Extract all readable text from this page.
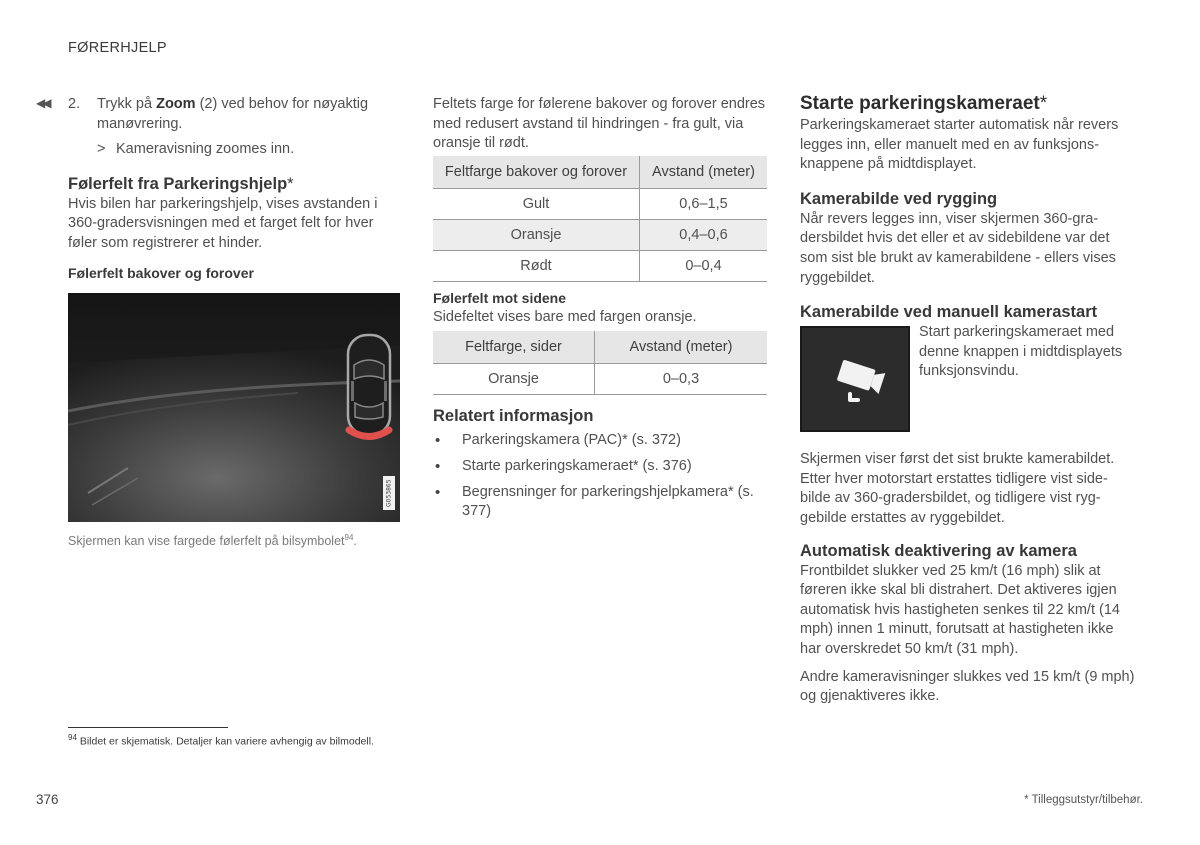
FØRERHJELP
◀◀ 2. Trykk på Zoom (2) ved behov for nøyaktig manøvrering.
> Kameravisning zoomes inn.
Følerfelt fra Parkeringshjelp*

Hvis bilen har parkeringshjelp, vises avstanden i 360-gradersvisningen med et farget felt for hver føler som registrerer et hinder.

Følerfelt bakover og forover
G053865
Skjermen kan vise fargede følerfelt på bilsymbolet$^{94}$.

Feltets farge for følerene bakover og forover endres med redusert avstand til hindringen - fra gult, via oransje til rødt.

Feltfarge bakover og forover	Avstand (meter)
Gult	0,6–1,5
Oransje	0,4–0,6
Rødt	0–0,4
Følerfelt mot sidene

Sidefeltet vises bare med fargen oransje.

Feltfarge, sider	Avstand (meter)
Oransje	0–0,3
Relatert informasjon
• Parkeringskamera (PAC)* (s. 372)
• Starte parkeringskameraet* (s. 376)
• Begrensninger for parkeringshjelpkamera* (s. 377)
Starte parkeringskameraet*

Parkeringskameraet starter automatisk når revers legges inn, eller manuelt med en av funksjons-knappene på midtdisplayet.

Kamerabilde ved rygging

Når revers legges inn, viser skjermen 360-gra-dersbildet hvis det eller et av sidebildene var det som sist ble brukt av kamerabildene - ellers vises ryggebildet.

Kamerabilde ved manuell kamerastart

Start parkeringskameraet med denne knappen i midtdisplayets funksjonsvindu.

Skjermen viser først det sist brukte kamerabildet. Etter hver motorstart erstattes tidligere vist side-bilde av 360-gradersbildet, og tidligere vist ryg-gebilde erstattes av ryggebildet.

Automatisk deaktivering av kamera

Frontbildet slukker ved 25 km/t (16 mph) slik at føreren ikke skal bli distrahert. Det aktiveres igjen automatisk hvis hastigheten senkes til 22 km/t (14 mph) innen 1 minutt, forutsatt at hastigheten ikke har overskredet 50 km/t (31 mph).

Andre kameravisninger slukkes ved 15 km/t (9 mph) og gjenaktiveres ikke.

$^{94}$ Bildet er skjematisk. Detaljer kan variere avhengig av bilmodell.
376	* Tilleggsutstyr/tilbehør.
